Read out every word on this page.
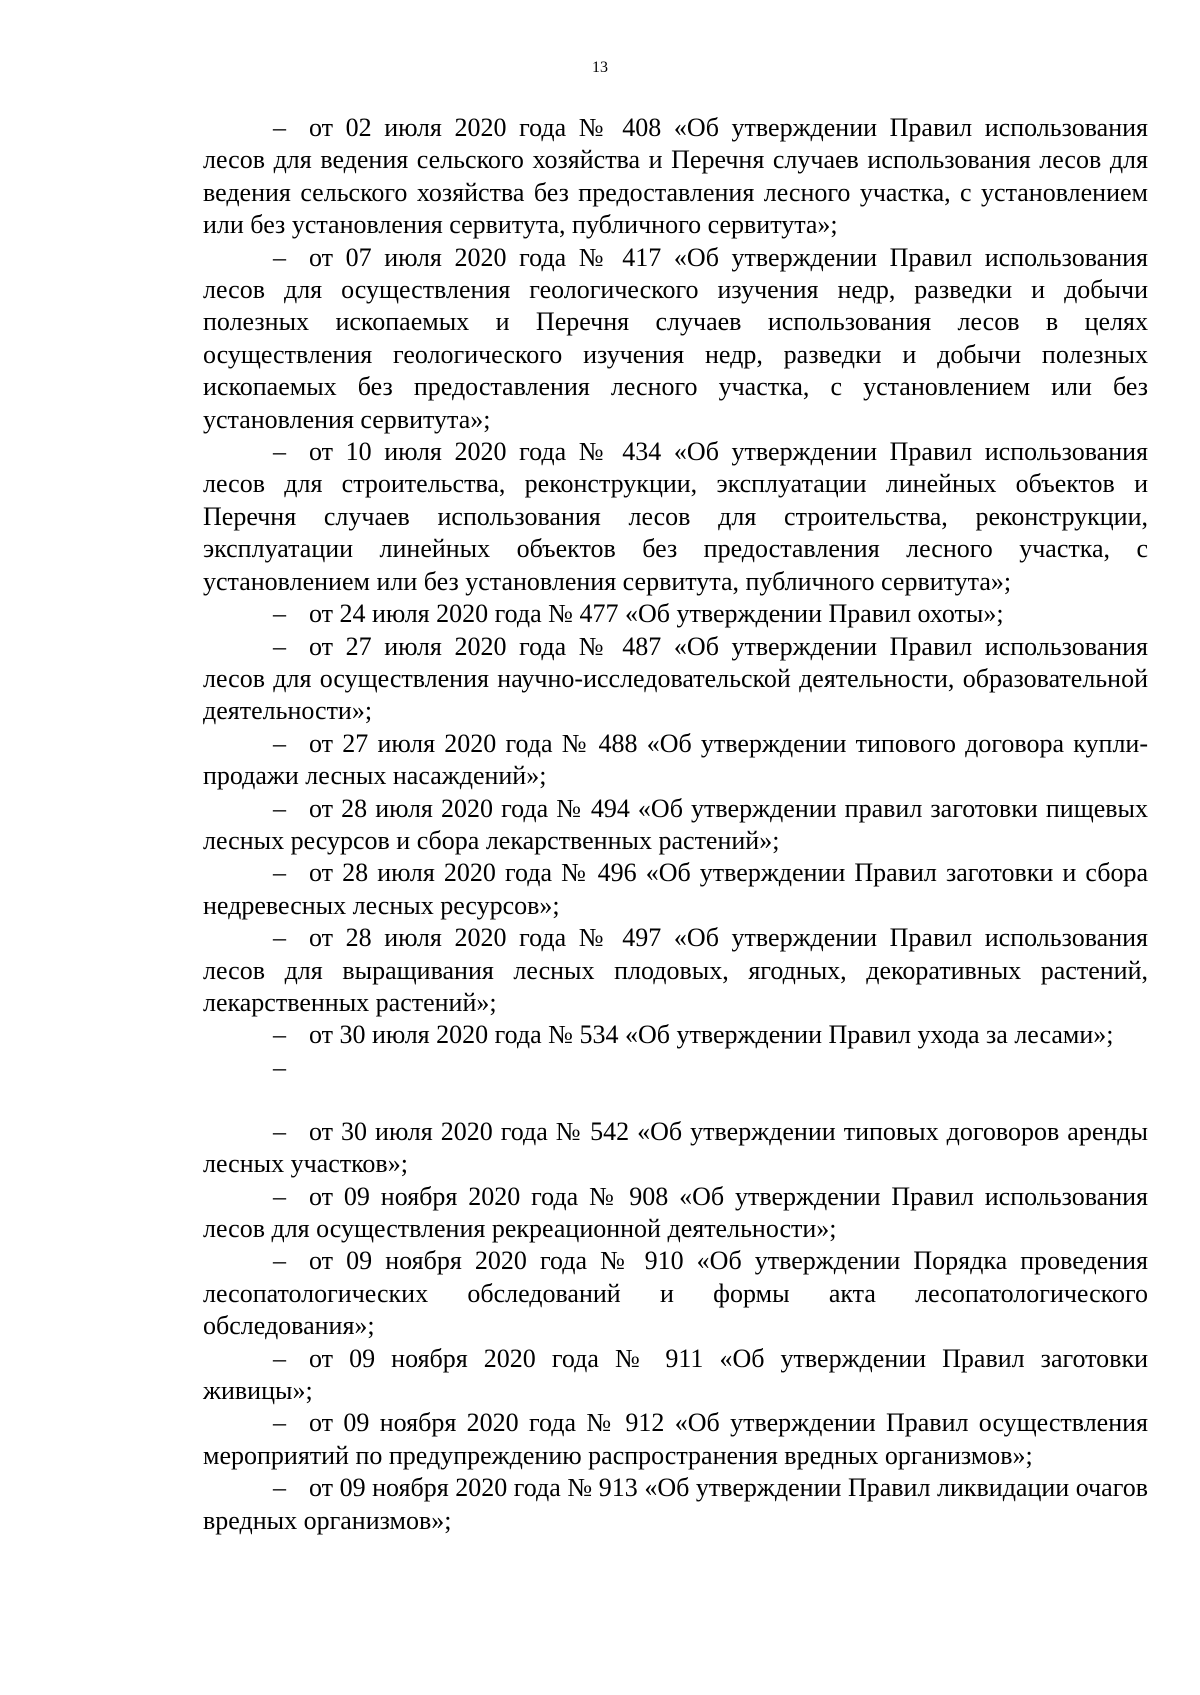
13

– от 02 июля 2020 года № 408 «Об утверждении Правил использования лесов для ведения сельского хозяйства и Перечня случаев использования лесов для ведения сельского хозяйства без предоставления лесного участка, с установлением или без установления сервитута, публичного сервитута»;

– от 07 июля 2020 года № 417 «Об утверждении Правил использования лесов для осуществления геологического изучения недр, разведки и добычи полезных ископаемых и Перечня случаев использования лесов в целях осуществления геологического изучения недр, разведки и добычи полезных ископаемых без предоставления лесного участка, с установлением или без установления сервитута»;

– от 10 июля 2020 года № 434 «Об утверждении Правил использования лесов для строительства, реконструкции, эксплуатации линейных объектов и Перечня случаев использования лесов для строительства, реконструкции, эксплуатации линейных объектов без предоставления лесного участка, с установлением или без установления сервитута, публичного сервитута»;

– от 24 июля 2020 года № 477 «Об утверждении Правил охоты»;

– от 27 июля 2020 года № 487 «Об утверждении Правил использования лесов для осуществления научно-исследовательской деятельности, образовательной деятельности»;

– от 27 июля 2020 года № 488 «Об утверждении типового договора купли-продажи лесных насаждений»;

– от 28 июля 2020 года № 494 «Об утверждении правил заготовки пищевых лесных ресурсов и сбора лекарственных растений»;

– от 28 июля 2020 года № 496 «Об утверждении Правил заготовки и сбора недревесных лесных ресурсов»;

– от 28 июля 2020 года № 497 «Об утверждении Правил использования лесов для выращивания лесных плодовых, ягодных, декоративных растений, лекарственных растений»;

– от 30 июля 2020 года № 534 «Об утверждении Правил ухода за лесами»;

–

– от 30 июля 2020 года № 542 «Об утверждении типовых договоров аренды лесных участков»;

– от 09 ноября 2020 года № 908 «Об утверждении Правил использования лесов для осуществления рекреационной деятельности»;

– от 09 ноября 2020 года № 910 «Об утверждении Порядка проведения лесопатологических обследований и формы акта лесопатологического обследования»;

– от 09 ноября 2020 года № 911 «Об утверждении Правил заготовки живицы»;

– от 09 ноября 2020 года № 912 «Об утверждении Правил осуществления мероприятий по предупреждению распространения вредных организмов»;

– от 09 ноября 2020 года № 913 «Об утверждении Правил ликвидации очагов вредных организмов»;
